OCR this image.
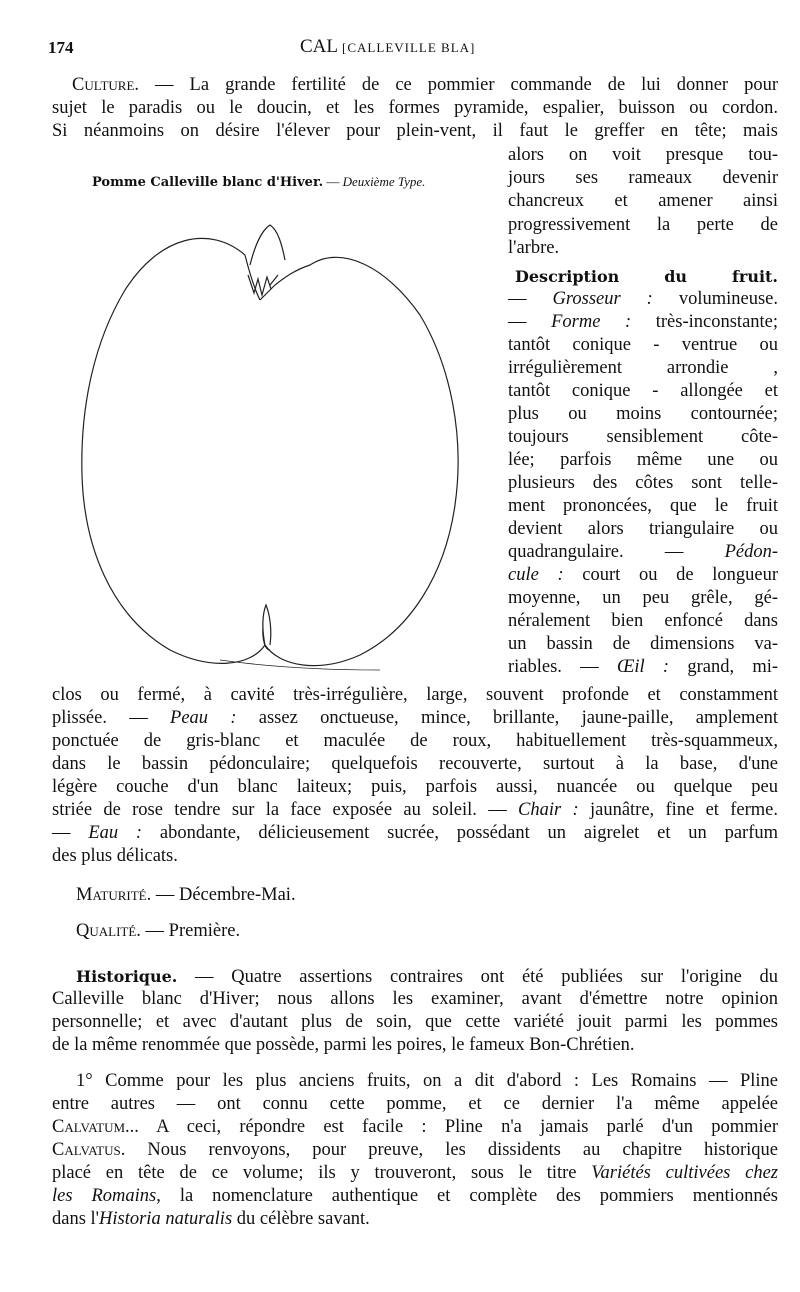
174	CAL [CALLEVILLE BLA]
Culture. — La grande fertilité de ce pommier commande de lui donner pour
sujet le paradis ou le doucin, et les formes pyramide, espalier, buisson ou cordon.
Si néanmoins on désire l'élever pour plein-vent, il faut le greffer en tête; mais
alors on voit presque tou-
jours ses rameaux devenir
chancreux et amener ainsi
progressivement la perte de
l'arbre.
Pomme Calleville blanc d'Hiver. — Deuxième Type.
Description du fruit.
Maturité. — Décembre-Mai.
Qualité. — Première.
Historique. — Quatre assertions contraires ont été publiées sur l'origine du
Calleville blanc d'Hiver; nous allons les examiner, avant d'émettre notre opinion
personnelle; et avec d'autant plus de soin, que cette variété jouit parmi les pommes
de la même renommée que possède, parmi les poires, le fameux Bon-Chrétien.
1° Comme pour les plus anciens fruits, on a dit d'abord : Les Romains — Pline
entre autres — ont connu cette pomme, et ce dernier l'a même appelée
Calvatum... A ceci, répondre est facile : Pline n'a jamais parlé d'un pommier
Calvatus. Nous renvoyons, pour preuve, les dissidents au chapitre historique
placé en tête de ce volume; ils y trouveront, sous le titre Variétés cultivées chez
les Romains, la nomenclature authentique et complète des pommiers mentionnés
dans l'Historia naturalis du célèbre savant.
— Grosseur : volumineuse.
— Forme : très-inconstante;
tantôt conique - ventrue ou
irrégulièrement arrondie ,
tantôt conique - allongée et
plus ou moins contournée;
toujours sensiblement côte-
lée; parfois même une ou
plusieurs des côtes sont telle-
ment prononcées, que le fruit
devient alors triangulaire ou
quadrangulaire. — Pédon-
cule : court ou de longueur
moyenne, un peu grêle, gé-
néralement bien enfoncé dans
un bassin de dimensions va-
riables. — Œil : grand, mi-
clos ou fermé, à cavité très-irrégulière, large, souvent profonde et constamment
plissée. — Peau : assez onctueuse, mince, brillante, jaune-paille, amplement
ponctuée de gris-blanc et maculée de roux, habituellement très-squammeux,
dans le bassin pédonculaire; quelquefois recouverte, surtout à la base, d'une
légère couche d'un blanc laiteux; puis, parfois aussi, nuancée ou quelque peu
striée de rose tendre sur la face exposée au soleil. — Chair : jaunâtre, fine et ferme.
— Eau : abondante, délicieusement sucrée, possédant un aigrelet et un parfum
des plus délicats.
